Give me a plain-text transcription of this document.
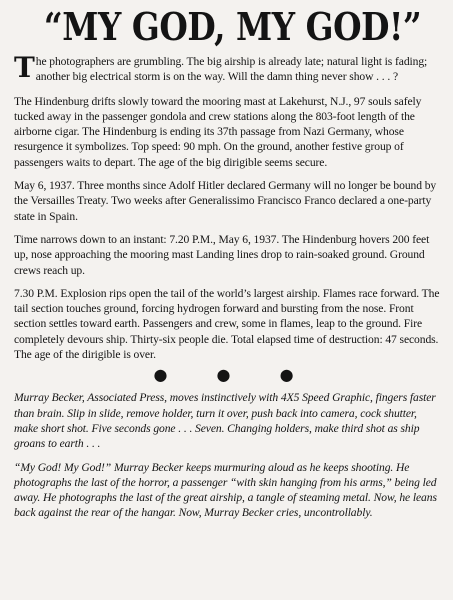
“MY GOD, MY GOD!”

The photographers are grumbling. The big airship is already late; natural light is fading; another big electrical storm is on the way. Will the damn thing never show . . . ?

The Hindenburg drifts slowly toward the mooring mast at Lakehurst, N.J., 97 souls safely tucked away in the passenger gondola and crew stations along the 803-foot length of the airborne cigar. The Hindenburg is ending its 37th passage from Nazi Germany, whose resurgence it symbolizes. Top speed: 90 mph. On the ground, another festive group of passengers waits to depart. The age of the big dirigible seems secure.

May 6, 1937. Three months since Adolf Hitler declared Germany will no longer be bound by the Versailles Treaty. Two weeks after Generalissimo Francisco Franco declared a one-party state in Spain.

Time narrows down to an instant: 7.20 P.M., May 6, 1937. The Hindenburg hovers 200 feet up, nose approaching the mooring mast Landing lines drop to rain-soaked ground. Ground crews reach up.

7.30 P.M. Explosion rips open the tail of the world’s largest airship. Flames race forward. The tail section touches ground, forcing hydrogen forward and bursting from the nose. Front section settles toward earth. Passengers and crew, some in flames, leap to the ground. Fire completely devours ship. Thirty-six people die. Total elapsed time of destruction: 47 seconds. The age of the dirigible is over.

● ● ●

Murray Becker, Associated Press, moves instinctively with 4X5 Speed Graphic, fingers faster than brain. Slip in slide, remove holder, turn it over, push back into camera, cock shutter, make short shot. Five seconds gone . . . Seven. Changing holders, make third shot as ship groans to earth . . .

“My God! My God!” Murray Becker keeps murmuring aloud as he keeps shooting. He photographs the last of the horror, a passenger “with skin hanging from his arms,” being led away. He photographs the last of the great airship, a tangle of steaming metal. Now, he leans back against the rear of the hangar. Now, Murray Becker cries, uncontrollably.
